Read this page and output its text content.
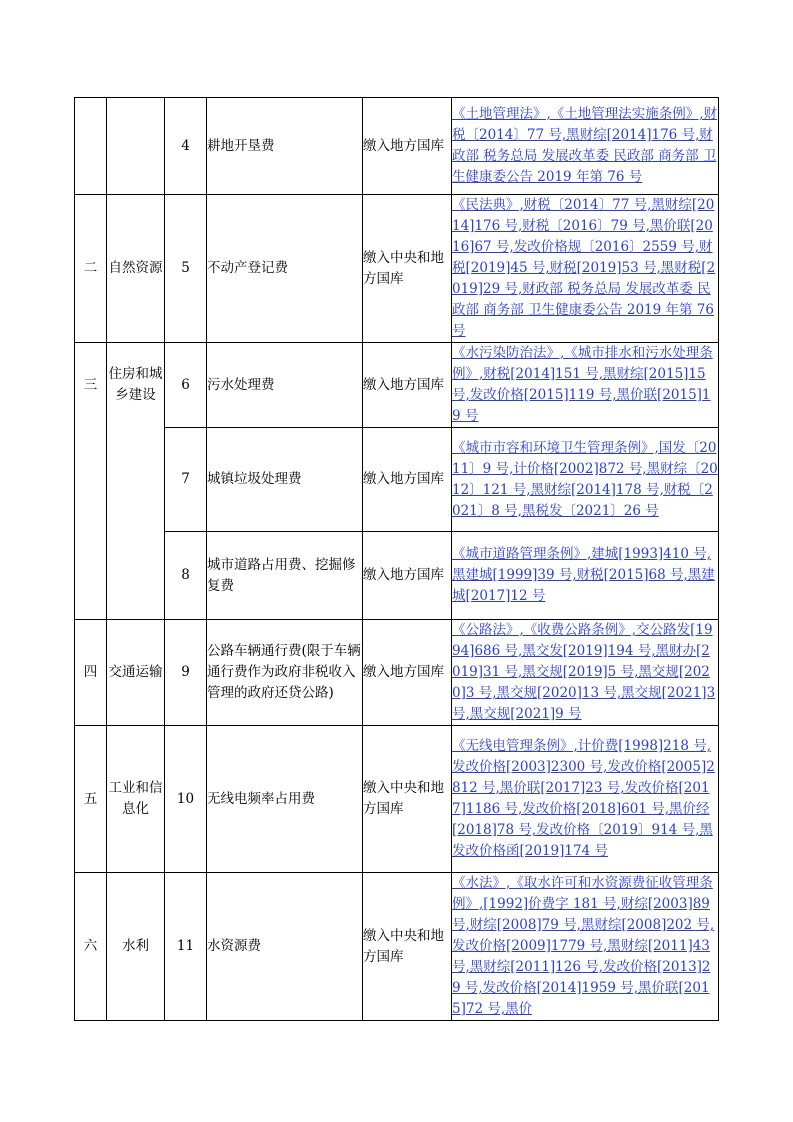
		4	耕地开垦费	缴入地方国库	《土地管理法》,《土地管理法实施条例》,财税〔2014〕77 号,黑财综[2014]176 号,财政部 税务总局 发展改革委 民政部 商务部 卫生健康委公告 2019 年第 76 号
二	自然资源	5	不动产登记费	缴入中央和地方国库	《民法典》,财税〔2014〕77 号,黑财综[2014]176 号,财税〔2016〕79 号,黑价联[2016]67 号,发改价格规〔2016〕2559 号,财税[2019]45 号,财税[2019]53 号,黑财税[2019]29 号,财政部 税务总局 发展改革委 民政部 商务部 卫生健康委公告 2019 年第 76 号
三	住房和城乡建设	6	污水处理费	缴入地方国库	《水污染防治法》,《城市排水和污水处理条例》,财税[2014]151 号,黑财综[2015]15 号,发改价格[2015]119 号,黑价联[2015]19 号
		7	城镇垃圾处理费	缴入地方国库	《城市市容和环境卫生管理条例》,国发〔2011〕9 号,计价格[2002]872 号,黑财综〔2012〕121 号,黑财综[2014]178 号,财税〔2021〕8 号,黑税发〔2021〕26 号
		8	城市道路占用费、挖掘修复费	缴入地方国库	《城市道路管理条例》,建城[1993]410 号,黑建城[1999]39 号,财税[2015]68 号,黑建城[2017]12 号
四	交通运输	9	公路车辆通行费(限于车辆通行费作为政府非税收入管理的政府还贷公路)	缴入地方国库	《公路法》,《收费公路条例》,交公路发[1994]686 号,黑交发[2019]194 号,黑财办[2019]31 号,黑交规[2019]5 号,黑交规[2020]3 号,黑交规[2020]13 号,黑交规[2021]3 号,黑交规[2021]9 号
五	工业和信息化	10	无线电频率占用费	缴入中央和地方国库	《无线电管理条例》,计价费[1998]218 号,发改价格[2003]2300 号,发改价格[2005]2812 号,黑价联[2017]23 号,发改价格[2017]1186 号,发改价格[2018]601 号,黑价经[2018]78 号,发改价格〔2019〕914 号,黑发改价格函[2019]174 号
六	水利	11	水资源费	缴入中央和地方国库	《水法》,《取水许可和水资源费征收管理条例》,[1992]价费字 181 号,财综[2003]89 号,财综[2008]79 号,黑财综[2008]202 号,发改价格[2009]1779 号,黑财综[2011]43 号,黑财综[2011]126 号,发改价格[2013]29 号,发改价格[2014]1959 号,黑价联[2015]72 号,黑价
